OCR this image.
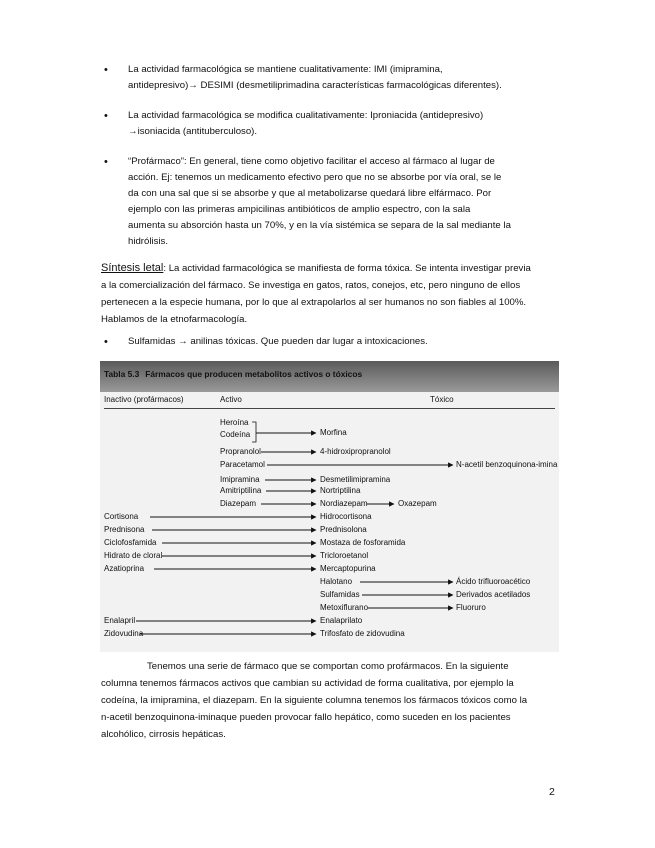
• La actividad farmacológica se mantiene cualitativamente: IMI (imipramina,
antidepresivo)→ DESIMI (desmetiliprimadina características farmacológicas diferentes).
• La actividad farmacológica se modifica cualitativamente: Iproniacida (antidepresivo)
→isoniacida (antituberculoso).
• “Profármaco”: En general, tiene como objetivo facilitar el acceso al fármaco al lugar de
acción. Ej: tenemos un medicamento efectivo pero que no se absorbe por vía oral, se le
da con una sal que si se absorbe y que al metabolizarse quedará libre elfármaco. Por
ejemplo con las primeras ampicilinas antibióticos de amplio espectro, con la sala
aumenta su absorción hasta un 70%, y en la vía sistémica se separa de la sal mediante la
hidrólisis.
Síntesis letal: La actividad farmacológica se manifiesta de forma tóxica. Se intenta investigar previa
a la comercialización del fármaco. Se investiga en gatos, ratos, conejos, etc, pero ninguno de ellos
pertenecen a la especie humana, por lo que al extrapolarlos al ser humanos no son fiables al 100%.
Hablamos de la etnofarmacología.
• Sulfamidas → anilinas tóxicas. Que pueden dar lugar a intoxicaciones.
Tabla 5.3 Fármacos que producen metabolitos activos o tóxicos
Inactivo (profármacos)	Activo	Tóxico
Heroína
Codeína
Propranolol
Paracetamol
Imipramina
Amitriptilina
Diazepam
Cortisona
Prednisona
Ciclofosfamida
Hidrato de cloral
Azatioprina
Enalapril
Zidovudina
Morfina
4-hidroxipropranolol
Desmetilimipramina
Nortriptilina
Nordiazepam
Hidrocortisona
Prednisolona
Mostaza de fosforamida
Tricloroetanol
Mercaptopurina
Halotano
Sulfamidas
Metoxiflurano
Enalaprilato
Trifosfato de zidovudina
Oxazepam
N-acetil benzoquinona-imina
Ácido trifluoroacético
Derivados acetilados
Fluoruro
Tenemos una serie de fármaco que se comportan como profármacos. En la siguiente
columna tenemos fármacos activos que cambian su actividad de forma cualitativa, por ejemplo la
codeína, la imipramina, el diazepam. En la siguiente columna tenemos los fármacos tóxicos como la
n-acetil benzoquinona-iminaque pueden provocar fallo hepático, como suceden en los pacientes
alcohólico, cirrosis hepáticas.
2
